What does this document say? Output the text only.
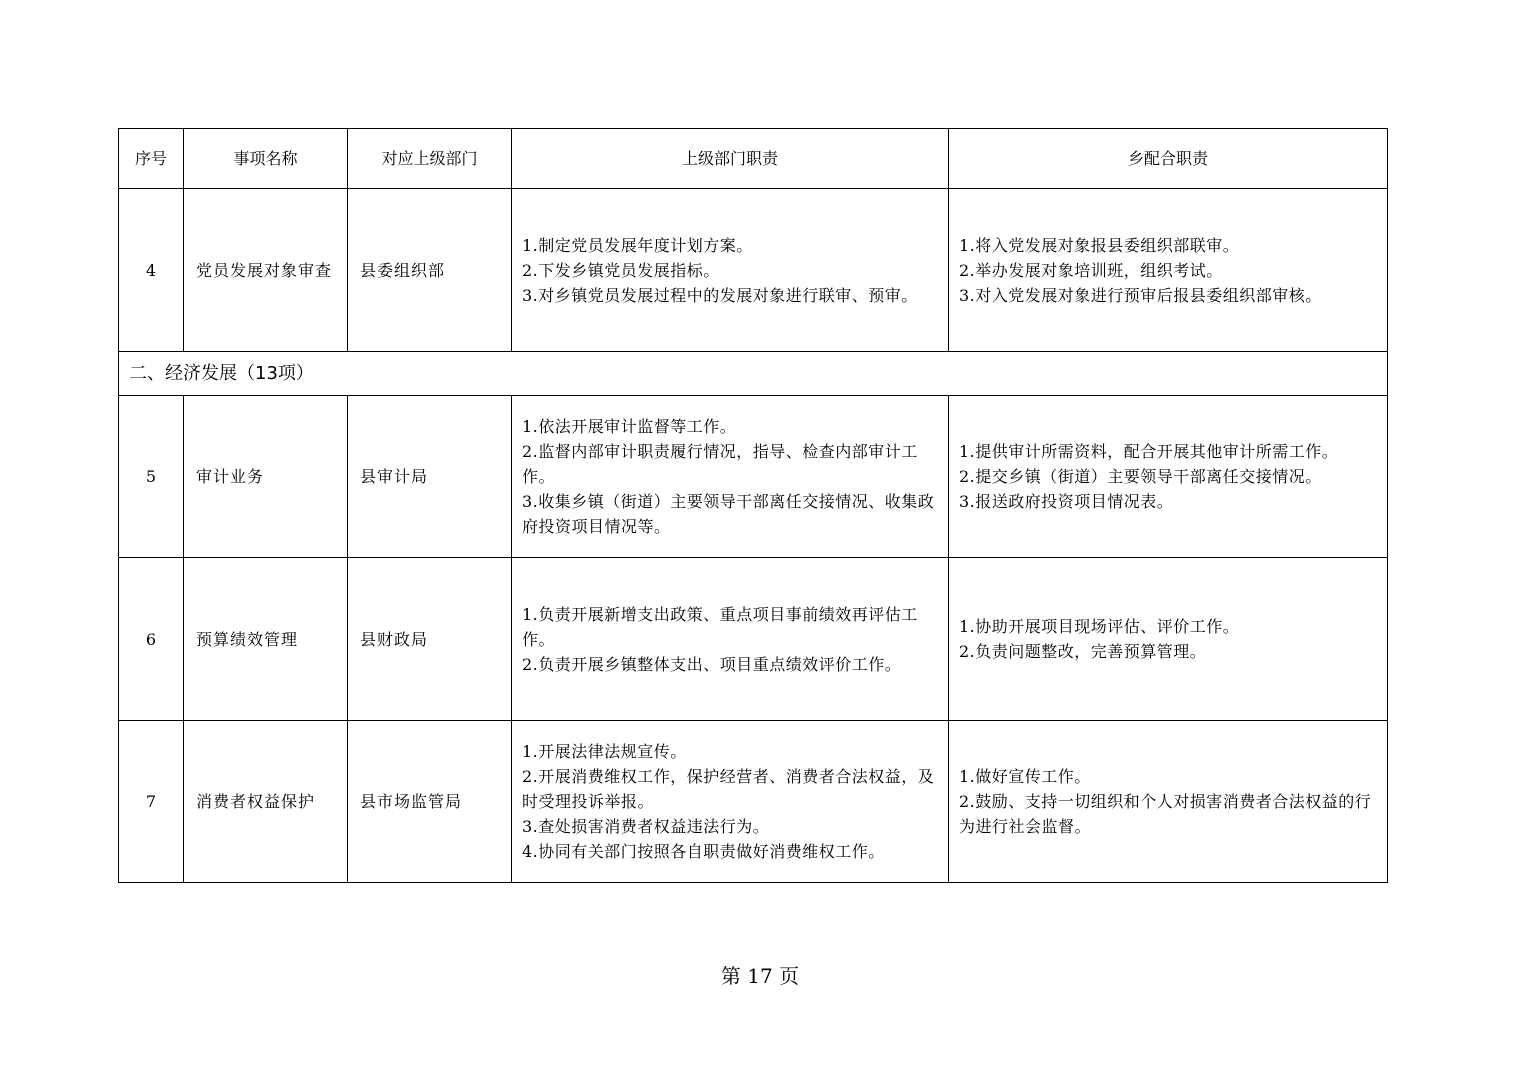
序号	事项名称	对应上级部门	上级部门职责	乡配合职责
4	党员发展对象审查	县委组织部	1.制定党员发展年度计划方案。
2.下发乡镇党员发展指标。
3.对乡镇党员发展过程中的发展对象进行联审、预审。	1.将入党发展对象报县委组织部联审。
2.举办发展对象培训班，组织考试。
3.对入党发展对象进行预审后报县委组织部审核。

二、经济发展（13项）				
5	审计业务	县审计局	1.依法开展审计监督等工作。
2.监督内部审计职责履行情况，指导、检查内部审计工作。
3.收集乡镇（街道）主要领导干部离任交接情况、收集政府投资项目情况等。	1.提供审计所需资料，配合开展其他审计所需工作。
2.提交乡镇（街道）主要领导干部离任交接情况。
3.报送政府投资项目情况表。

6	预算绩效管理	县财政局	1.负责开展新增支出政策、重点项目事前绩效再评估工作。
2.负责开展乡镇整体支出、项目重点绩效评价工作。	1.协助开展项目现场评估、评价工作。
2.负责问题整改，完善预算管理。

7	消费者权益保护	县市场监管局	1.开展法律法规宣传。
2.开展消费维权工作，保护经营者、消费者合法权益，及时受理投诉举报。
3.查处损害消费者权益违法行为。
4.协同有关部门按照各自职责做好消费维权工作。	1.做好宣传工作。
2.鼓励、支持一切组织和个人对损害消费者合法权益的行为进行社会监督。
第 17 页
